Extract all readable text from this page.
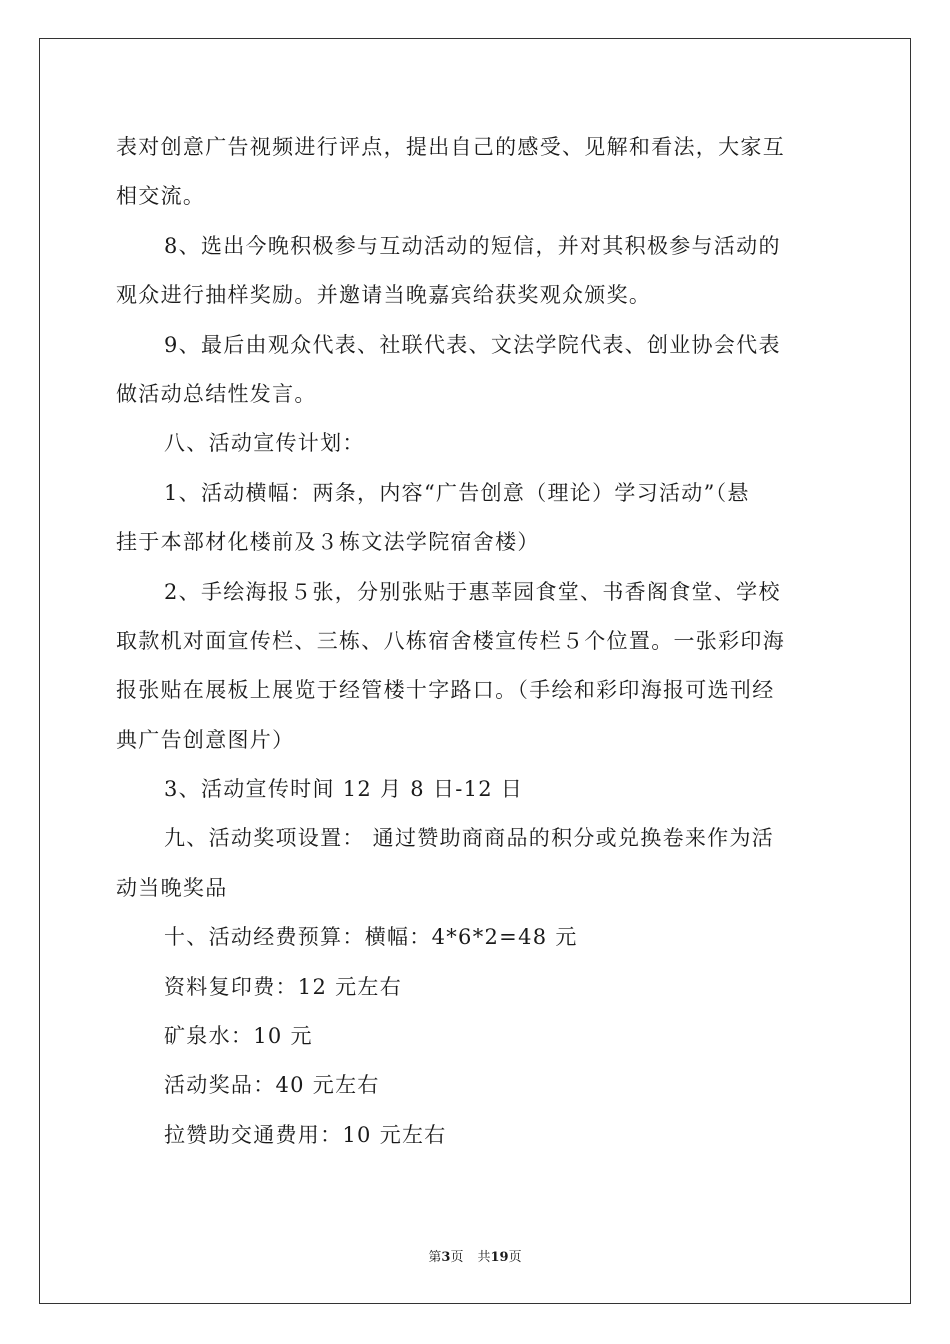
表对创意广告视频进行评点，提出自己的感受、见解和看法，大家互
相交流。
8、选出今晚积极参与互动活动的短信，并对其积极参与活动的
观众进行抽样奖励。并邀请当晚嘉宾给获奖观众颁奖。
9、最后由观众代表、社联代表、文法学院代表、创业协会代表
做活动总结性发言。
八、活动宣传计划：
1、活动横幅：两条，内容“广告创意（理论）学习活动”（悬
挂于本部材化楼前及３栋文法学院宿舍楼）
2、手绘海报５张，分别张贴于惠莘园食堂、书香阁食堂、学校
取款机对面宣传栏、三栋、八栋宿舍楼宣传栏５个位置。一张彩印海
报张贴在展板上展览于经管楼十字路口。（手绘和彩印海报可选刊经
典广告创意图片）
3、活动宣传时间 12 月 8 日-12 日
九、活动奖项设置： 通过赞助商商品的积分或兑换卷来作为活
动当晚奖品
十、活动经费预算：横幅：4*6*2=48 元
资料复印费：12 元左右
矿泉水：10 元
活动奖品：40 元左右
拉赞助交通费用：10 元左右
第3页 共19页
